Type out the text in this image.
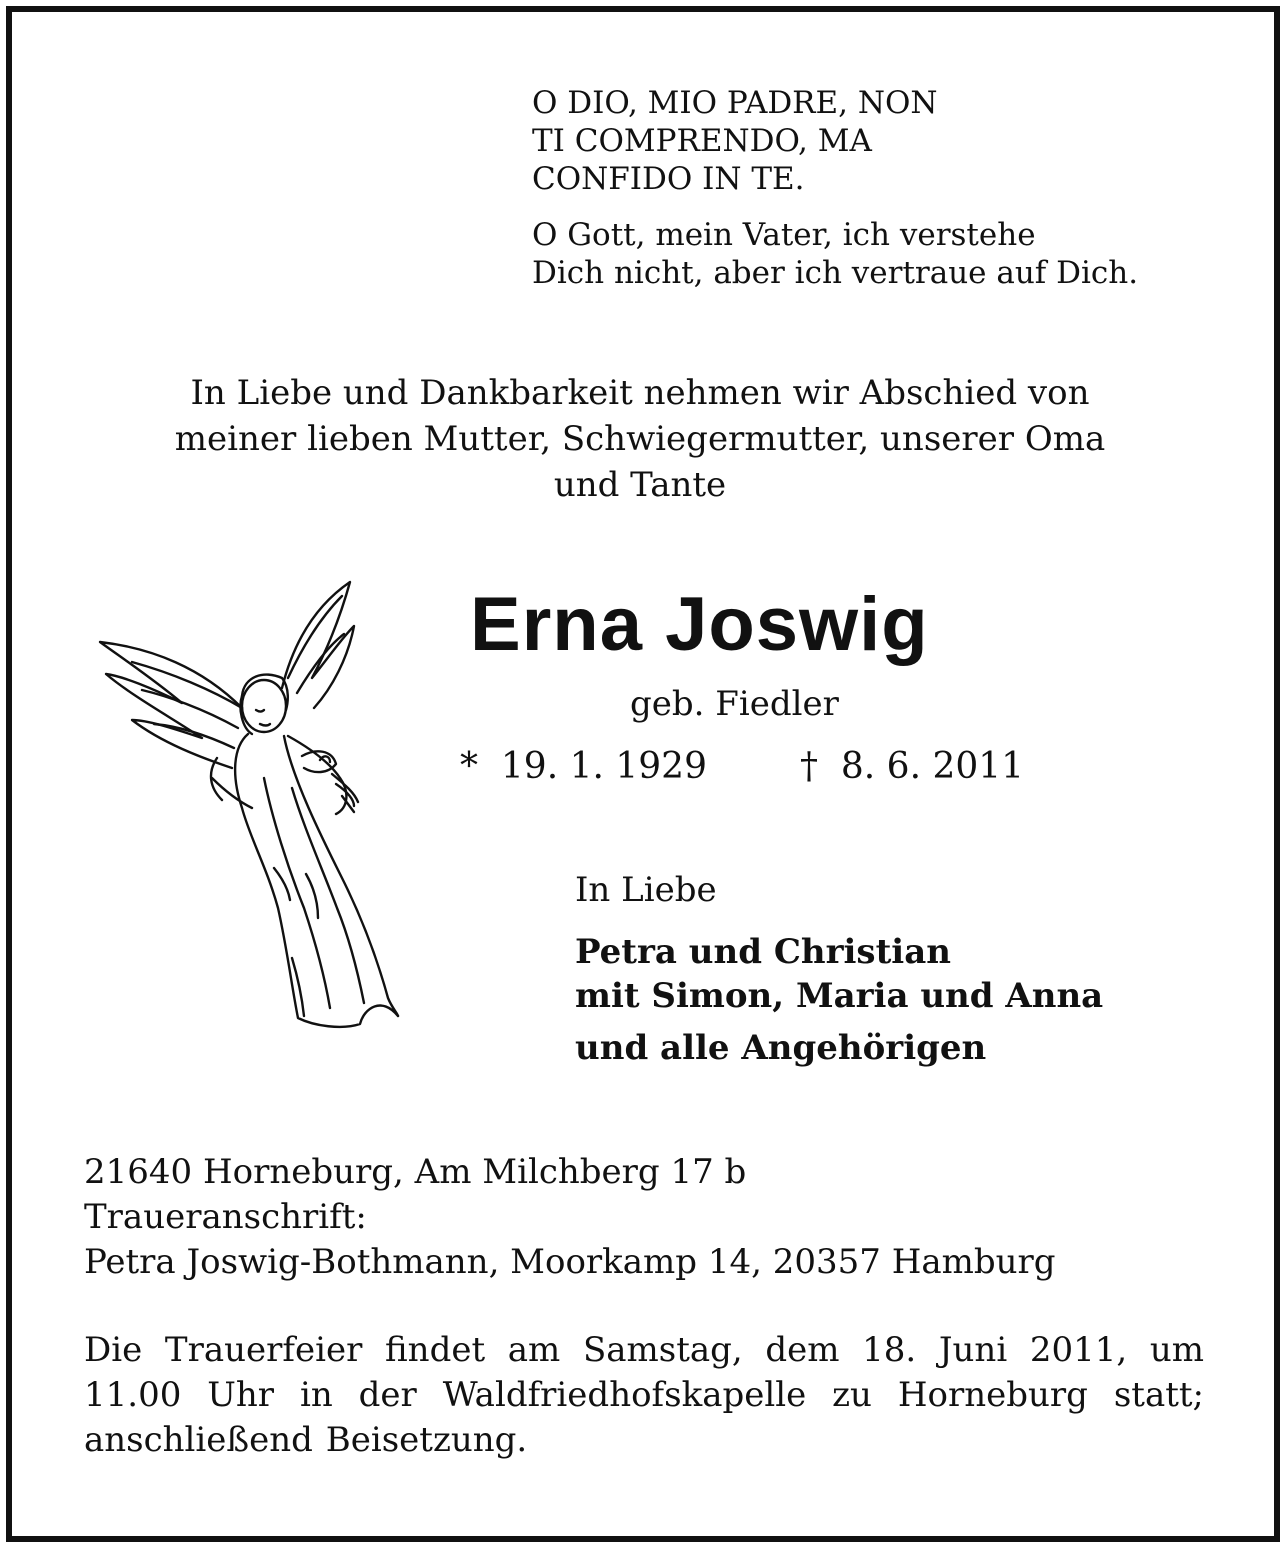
O DIO, MIO PADRE, NON
TI COMPRENDO, MA
CONFIDO IN TE.
O Gott, mein Vater, ich verstehe
Dich nicht, aber ich vertraue auf Dich.
In Liebe und Dankbarkeit nehmen wir Abschied von
meiner lieben Mutter, Schwiegermutter, unserer Oma
und Tante
Erna Joswig
geb. Fiedler
*  19. 1. 1929	†  8. 6. 2011
In Liebe
Petra und Christian
mit Simon, Maria und Anna
und alle Angehörigen
21640 Horneburg, Am Milchberg 17 b
Traueranschrift:
Petra Joswig-Bothmann, Moorkamp 14, 20357 Hamburg
Die Trauerfeier findet am Samstag, dem 18. Juni 2011, um 11.00 Uhr in der Waldfriedhofskapelle zu Horneburg statt; anschließend Beisetzung.
